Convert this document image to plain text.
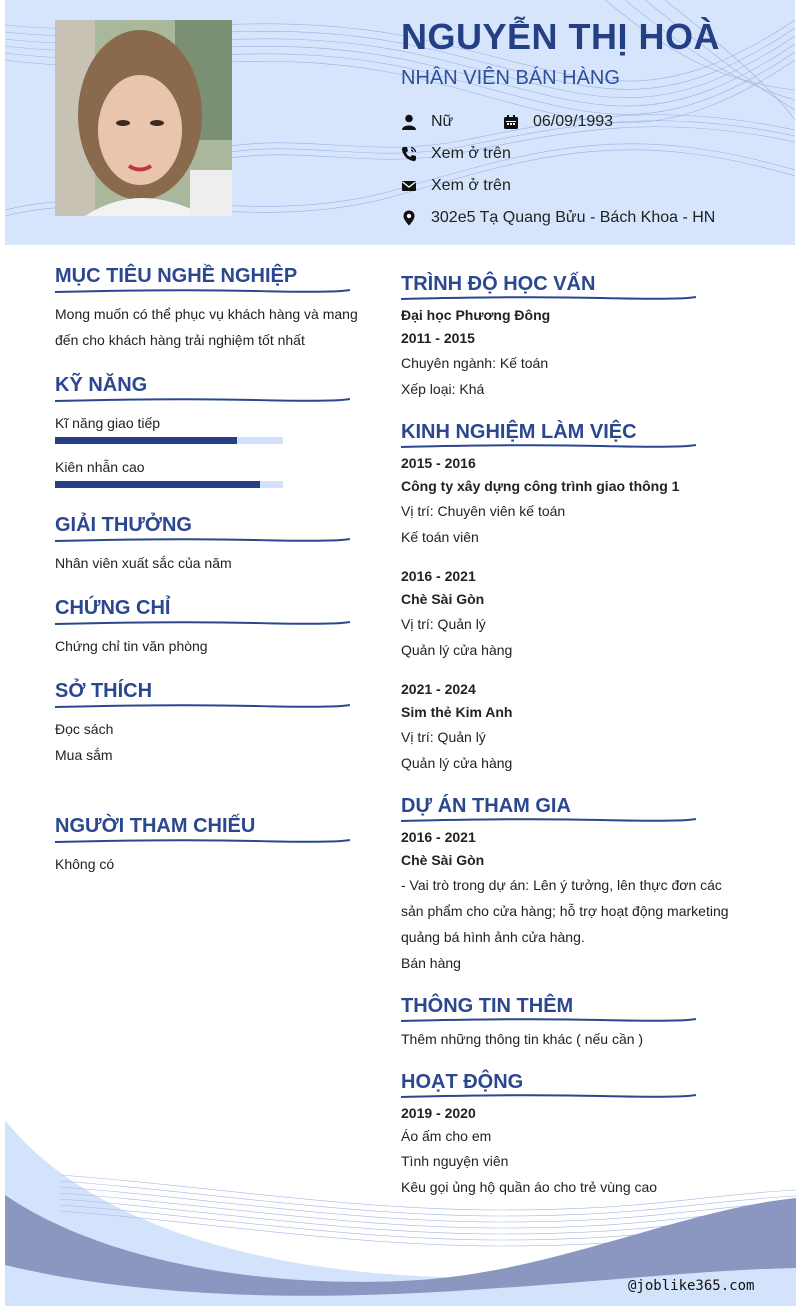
NGUYỄN THỊ HOÀ
NHÂN VIÊN BÁN HÀNG
Nữ	06/09/1993
Xem ở trên
Xem ở trên
302e5 Tạ Quang Bửu - Bách Khoa - HN
MỤC TIÊU NGHỀ NGHIỆP
Mong muốn có thể phục vụ khách hàng và mang
đến cho khách hàng trải nghiệm tốt nhất
KỸ NĂNG
Kĩ năng giao tiếp
Kiên nhẫn cao
GIẢI THƯỞNG
Nhân viên xuất sắc của năm
CHỨNG CHỈ
Chứng chỉ tin văn phòng
SỞ THÍCH
Đọc sách
Mua sắm
NGƯỜI THAM CHIẾU
Không có
TRÌNH ĐỘ HỌC VẤN
Đại học Phương Đông
2011 - 2015
Chuyên ngành: Kế toán
Xếp loại: Khá
KINH NGHIỆM LÀM VIỆC
2015 - 2016
Công ty xây dựng công trình giao thông 1
Vị trí: Chuyên viên kế toán
Kế toán viên
2016 - 2021
Chè Sài Gòn
Vị trí: Quản lý
Quản lý cửa hàng
2021 - 2024
Sim thẻ Kim Anh
Vị trí: Quản lý
Quản lý cửa hàng
DỰ ÁN THAM GIA
2016 - 2021
Chè Sài Gòn
- Vai trò trong dự án: Lên ý tưởng, lên thực đơn các
sản phẩm cho cửa hàng; hỗ trợ hoạt động marketing
quảng bá hình ảnh cửa hàng.
Bán hàng
THÔNG TIN THÊM
Thêm những thông tin khác ( nếu cần )
HOẠT ĐỘNG
2019 - 2020
Áo ấm cho em
Tình nguyện viên
Kêu gọi ủng hộ quần áo cho trẻ vùng cao
@joblike365.com
